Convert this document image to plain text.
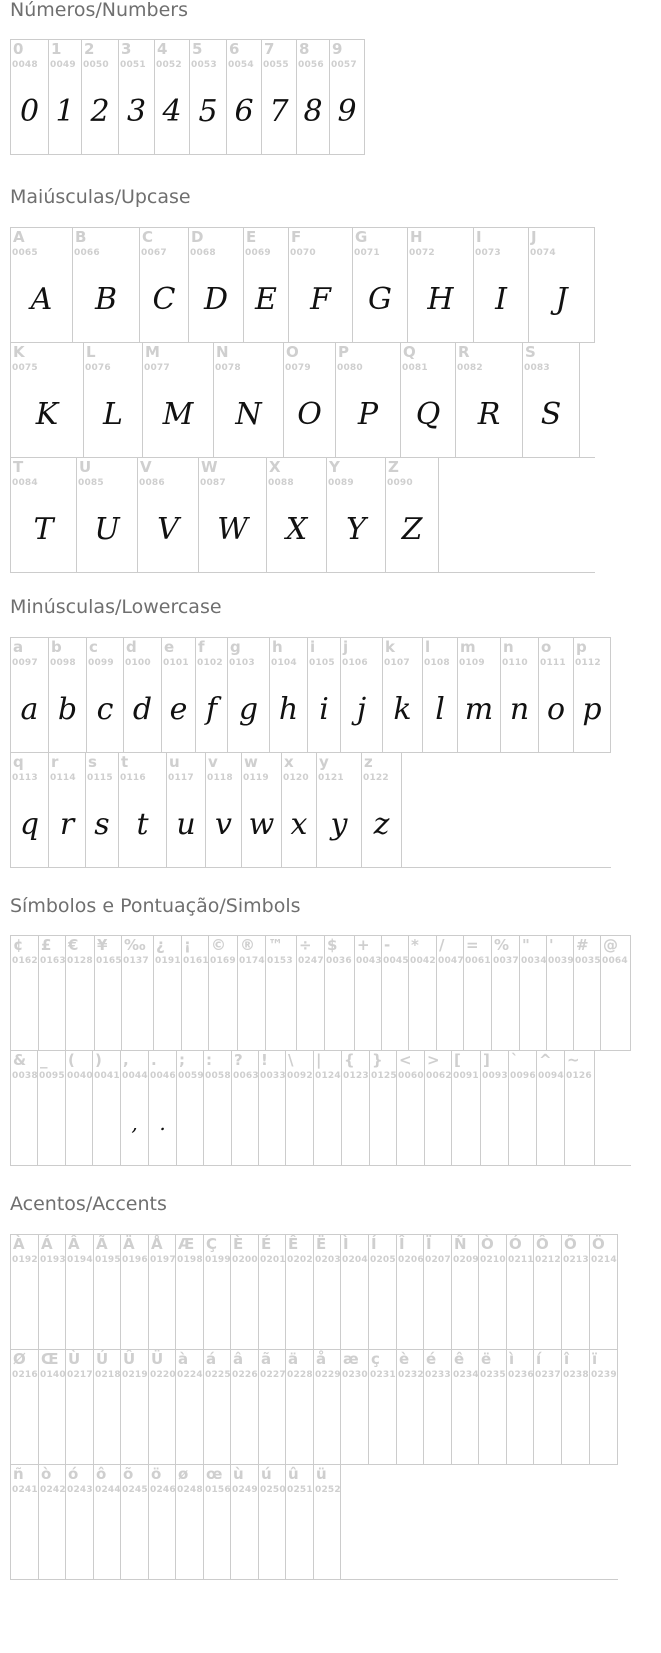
Números/Numbers
0
0048
0
1
0049
1
2
0050
2
3
0051
3
4
0052
4
5
0053
5
6
0054
6
7
0055
7
8
0056
8
9
0057
9
Maiúsculas/Upcase
A
0065
A
B
0066
B
C
0067
C
D
0068
D
E
0069
E
F
0070
F
G
0071
G
H
0072
H
I
0073
I
J
0074
J
K
0075
K
L
0076
L
M
0077
M
N
0078
N
O
0079
O
P
0080
P
Q
0081
Q
R
0082
R
S
0083
S
T
0084
T
U
0085
U
V
0086
V
W
0087
W
X
0088
X
Y
0089
Y
Z
0090
Z
Minúsculas/Lowercase
a
0097
a
b
0098
b
c
0099
c
d
0100
d
e
0101
e
f
0102
f
g
0103
g
h
0104
h
i
0105
i
j
0106
j
k
0107
k
l
0108
l
m
0109
m
n
0110
n
o
0111
o
p
0112
p
q
0113
q
r
0114
r
s
0115
s
t
0116
t
u
0117
u
v
0118
v
w
0119
w
x
0120
x
y
0121
y
z
0122
z
Símbolos e Pontuação/Simbols
¢
0162
£
0163
€
0128
¥
0165
‰
0137
¿
0191
¡
0161
©
0169
®
0174
™
0153
÷
0247
$
0036
+
0043
-
0045
*
0042
/
0047
=
0061
%
0037
"
0034
'
0039
#
0035
@
0064
&
0038
_
0095
(
0040
)
0041
,
0044
,
.
0046
.
;
0059
:
0058
?
0063
!
0033
\
0092
|
0124
{
0123
}
0125
<
0060
>
0062
[
0091
]
0093
`
0096
^
0094
~
0126
Acentos/Accents
À
0192
Á
0193
Â
0194
Ã
0195
Ä
0196
Å
0197
Æ
0198
Ç
0199
È
0200
É
0201
Ê
0202
Ë
0203
Ì
0204
Í
0205
Î
0206
Ï
0207
Ñ
0209
Ò
0210
Ó
0211
Ô
0212
Õ
0213
Ö
0214
Ø
0216
Œ
0140
Ù
0217
Ú
0218
Û
0219
Ü
0220
à
0224
á
0225
â
0226
ã
0227
ä
0228
å
0229
æ
0230
ç
0231
è
0232
é
0233
ê
0234
ë
0235
ì
0236
í
0237
î
0238
ï
0239
ñ
0241
ò
0242
ó
0243
ô
0244
õ
0245
ö
0246
ø
0248
œ
0156
ù
0249
ú
0250
û
0251
ü
0252
